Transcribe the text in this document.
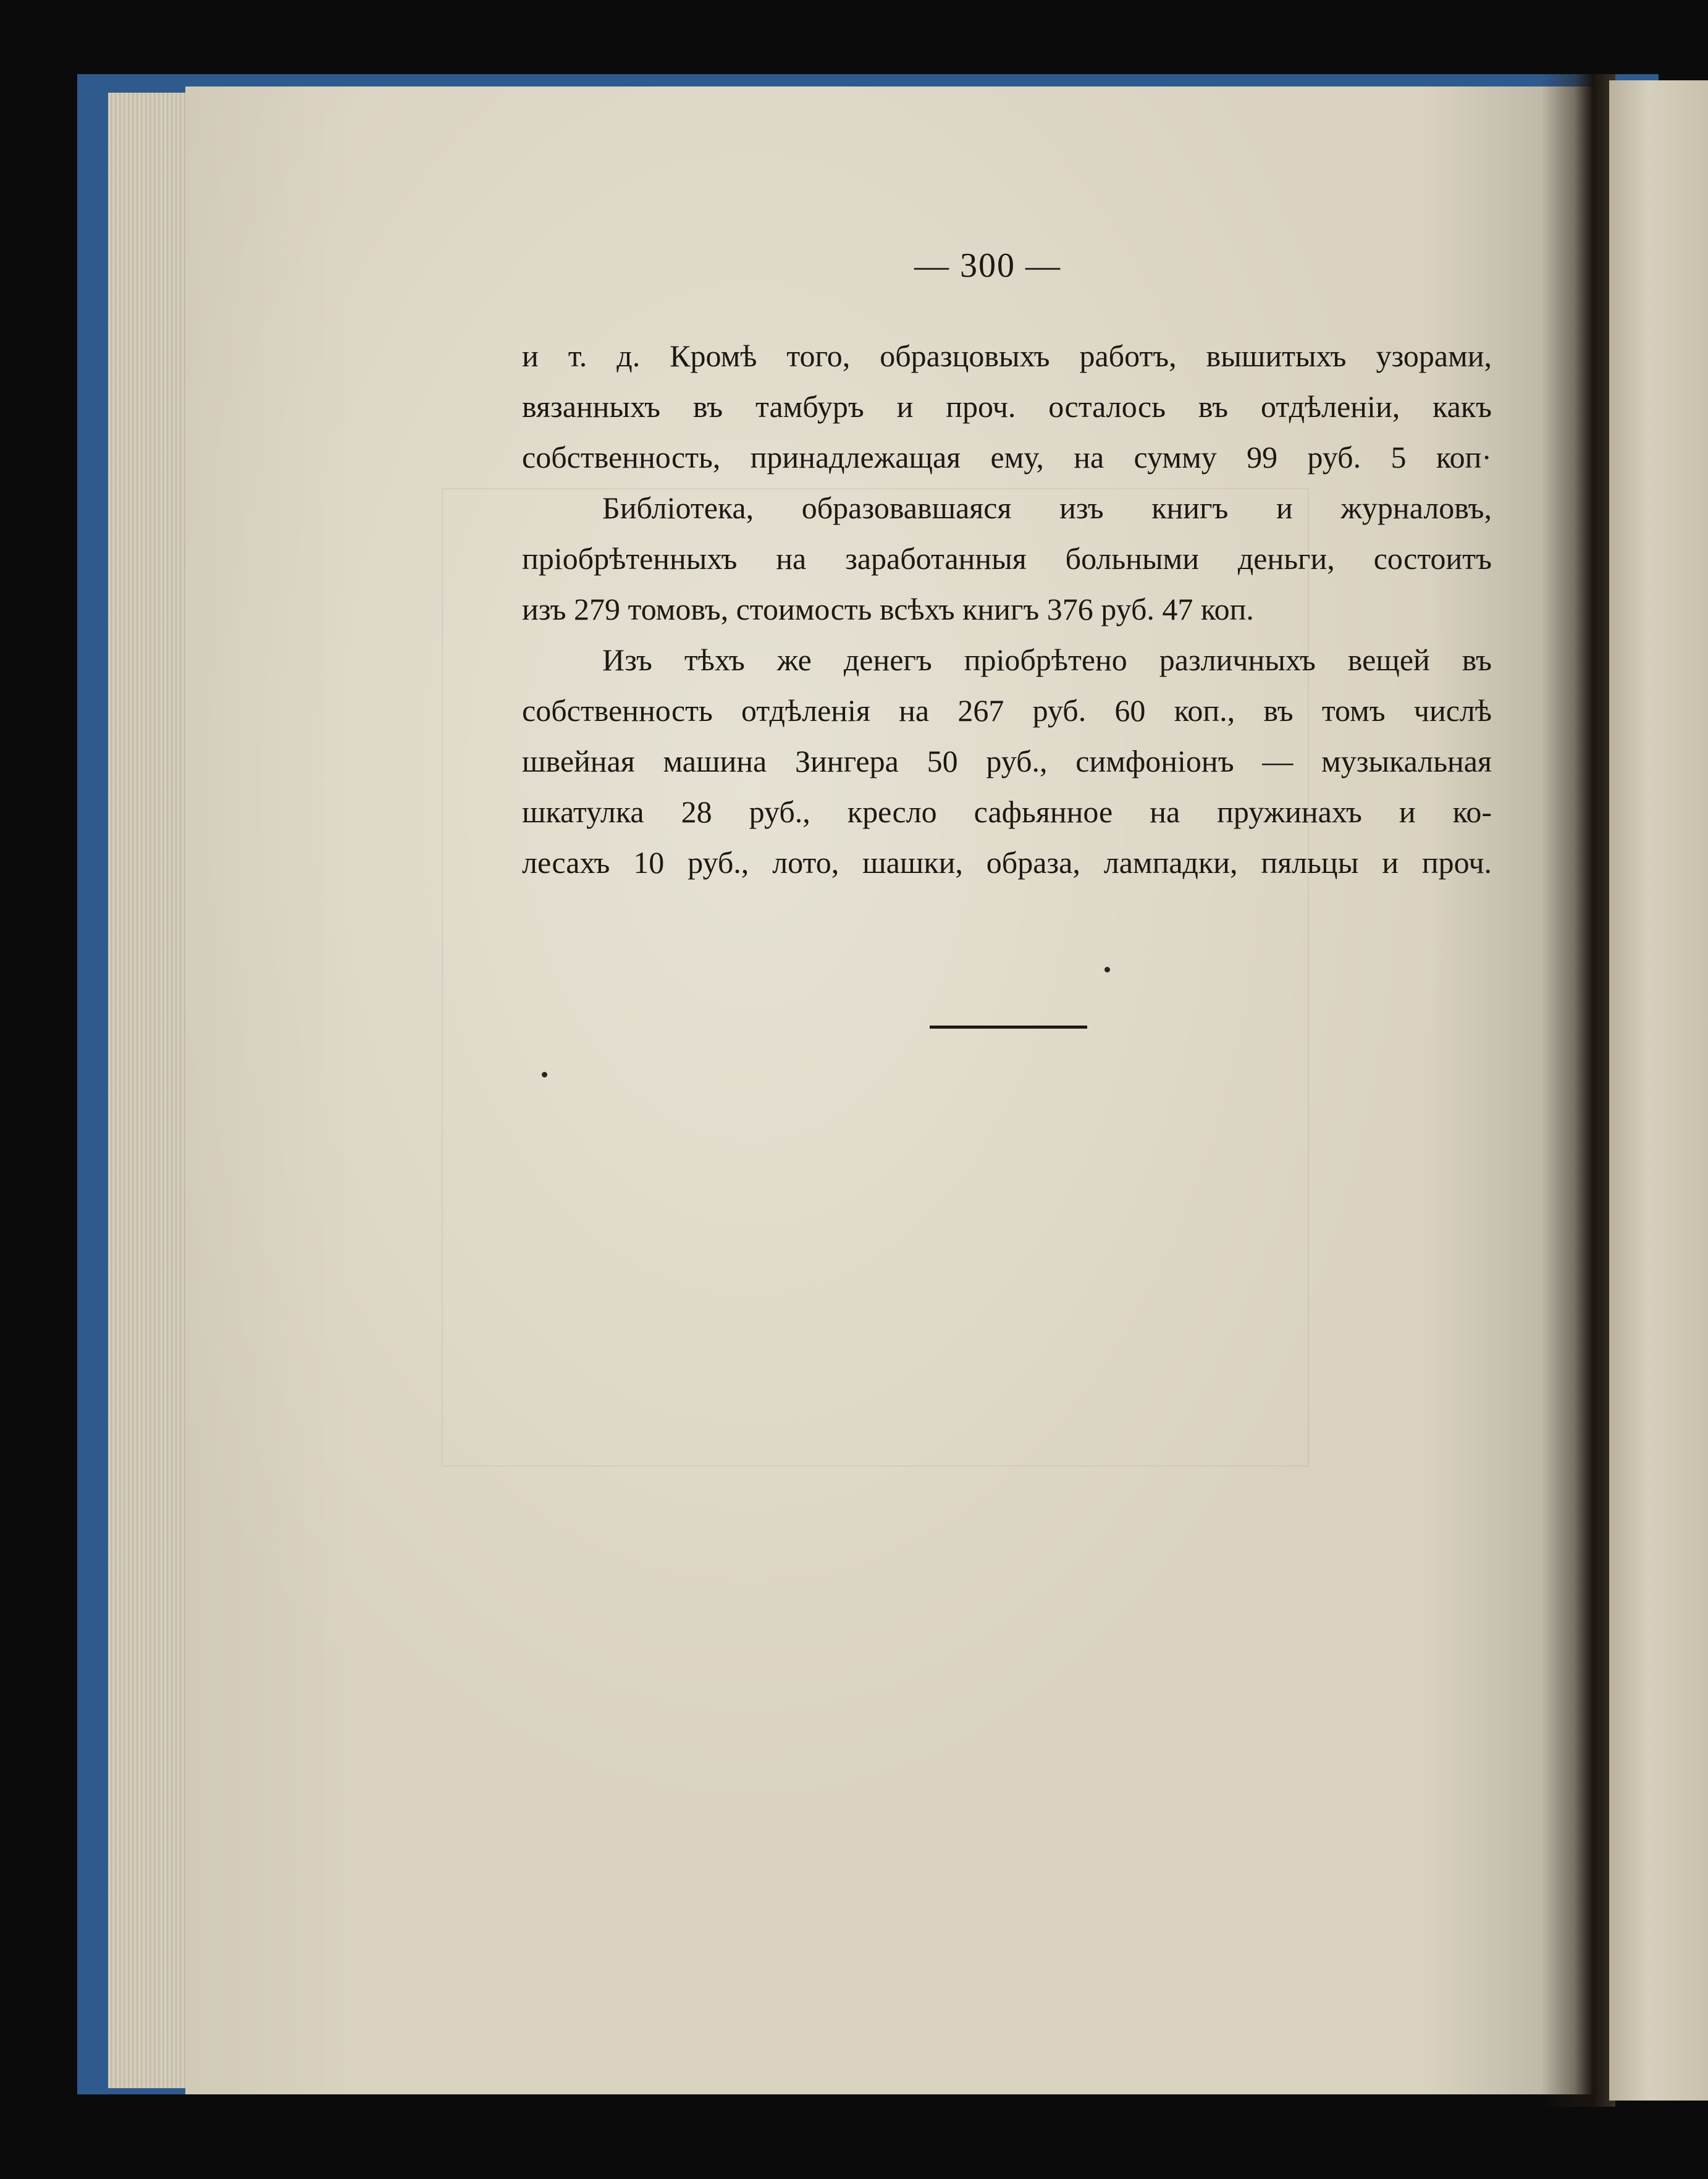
— 300 —

и т. д. Кромѣ того, образцовыхъ работъ, вышитыхъ узорами,
вязанныхъ въ тамбуръ и проч. осталось въ отдѣленіи, какъ
собственность, принадлежащая ему, на сумму 99 руб. 5 коп·

Библіотека, образовавшаяся изъ книгъ и журналовъ,
пріобрѣтенныхъ на заработанныя больными деньги, состоитъ
изъ 279 томовъ, стоимость всѣхъ книгъ 376 руб. 47 коп.

Изъ тѣхъ же денегъ пріобрѣтено различныхъ вещей въ
собственность отдѣленія на 267 руб. 60 коп., въ томъ числѣ
швейная машина Зингера 50 руб., симфоніонъ — музыкальная
шкатулка 28 руб., кресло сафьянное на пружинахъ и ко-
лесахъ 10 руб., лото, шашки, образа, лампадки, пяльцы и проч.
